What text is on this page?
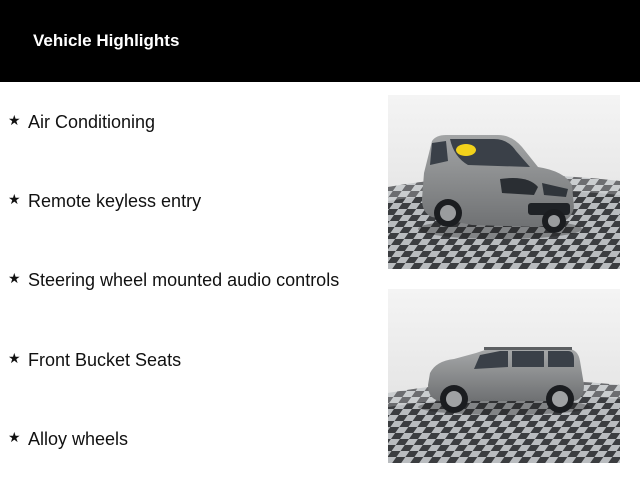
Vehicle Highlights
★ Air Conditioning
★ Remote keyless entry
★ Steering wheel mounted audio controls
★ Front Bucket Seats
★ Alloy wheels
